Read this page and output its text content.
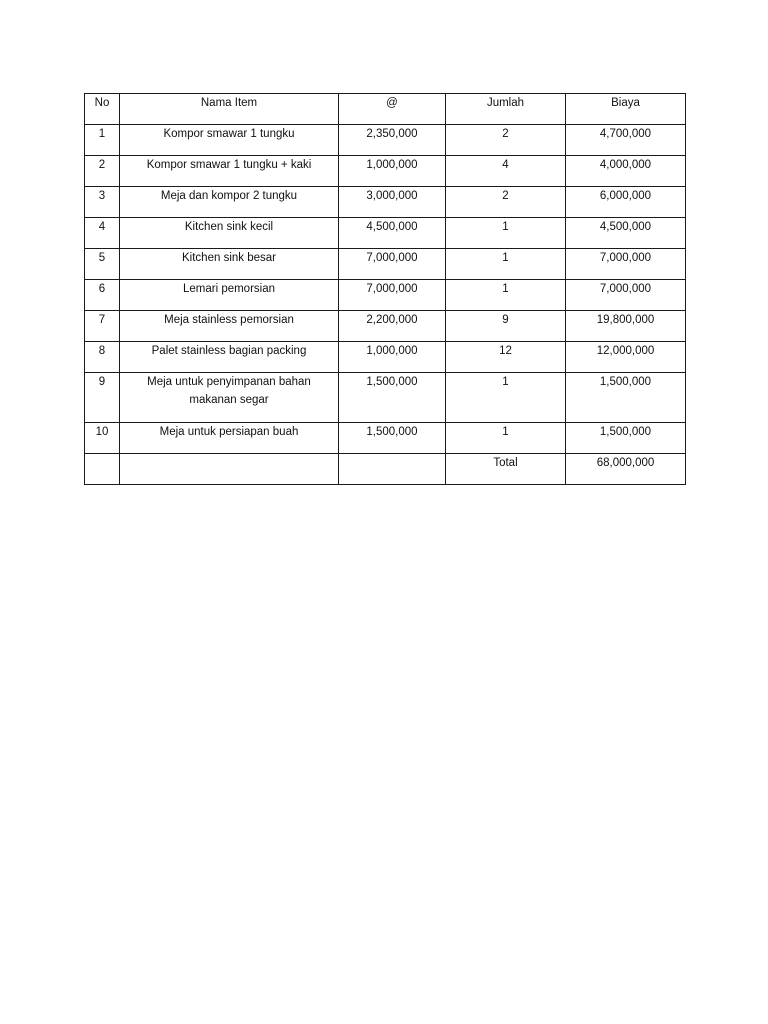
No	Nama Item	@	Jumlah	Biaya

1	Kompor smawar 1 tungku	2,350,000	2	4,700,000

2	Kompor smawar 1 tungku + kaki	1,000,000	4	4,000,000

3	Meja dan kompor 2 tungku	3,000,000	2	6,000,000

4	Kitchen sink kecil	4,500,000	1	4,500,000

5	Kitchen sink besar	7,000,000	1	7,000,000

6	Lemari pemorsian	7,000,000	1	7,000,000

7	Meja stainless pemorsian	2,200,000	9	19,800,000

8	Palet stainless bagian packing	1,000,000	12	12,000,000

9	Meja untuk penyimpanan bahan makanan segar	1,500,000	1	1,500,000

10	Meja untuk persiapan buah	1,500,000	1	1,500,000

			Total	68,000,000
